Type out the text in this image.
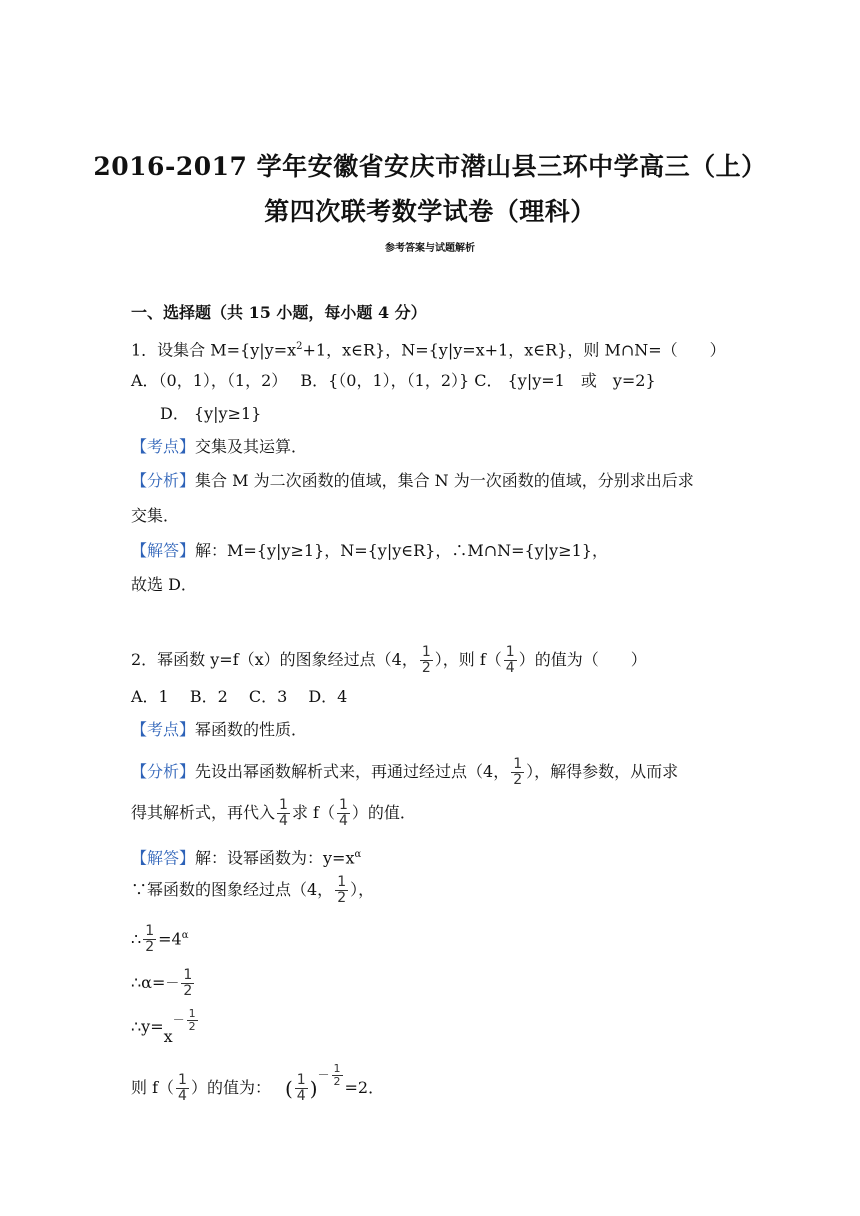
2016-2017 学年安徽省安庆市潜山县三环中学高三（上）
第四次联考数学试卷（理科）
参考答案与试题解析
一、选择题（共 15 小题，每小题 4 分）
1．设集合 $M=\{y|y=x^2+1$，x∈R}，N={y|y=x+1，x∈R}，则 M∩N=（　　）
A．（0，1），（1，2）　 B．{（0，1），（1，2）} C． {y|y=1　或　y=2}
D． {y|y≥1}
【考点】交集及其运算．
【分析】集合 M 为二次函数的值域，集合 N 为一次函数的值域，分别求出后求
交集．
【解答】解：M={y|y≥1}，N={y|y∈R}，∴M∩N={y|y≥1}，
故选 D．
2．幂函数 y=f（x）的图象经过点（4， $\frac{1}{2}$ ），则 $f( \frac{1}{4}$ ）的值为（　　）
A．1　 B．2　 C．3　 D．4
【考点】幂函数的性质．
【分析】先设出幂函数解析式来，再通过经过点（4， $\frac{1}{2}$ ），解得参数，从而求
得其解析式，再代入 $\frac{1}{4}$ 求 $f( \frac{1}{4}$ ）的值．
【解答】解：设幂函数为：$y=x^\alpha$
∵幂函数的图象经过点（4， $\frac{1}{2}$ ），
∴ $\frac{1}{2} =4^\alpha$
∴α=－ $\frac{1}{2}$
∴y=x－ $\frac{1}{2}$
则 $f( \frac{1}{4}$ ）的值为： ( $\frac{1}{4}$ )－ $\frac{1}{2} =2$．
